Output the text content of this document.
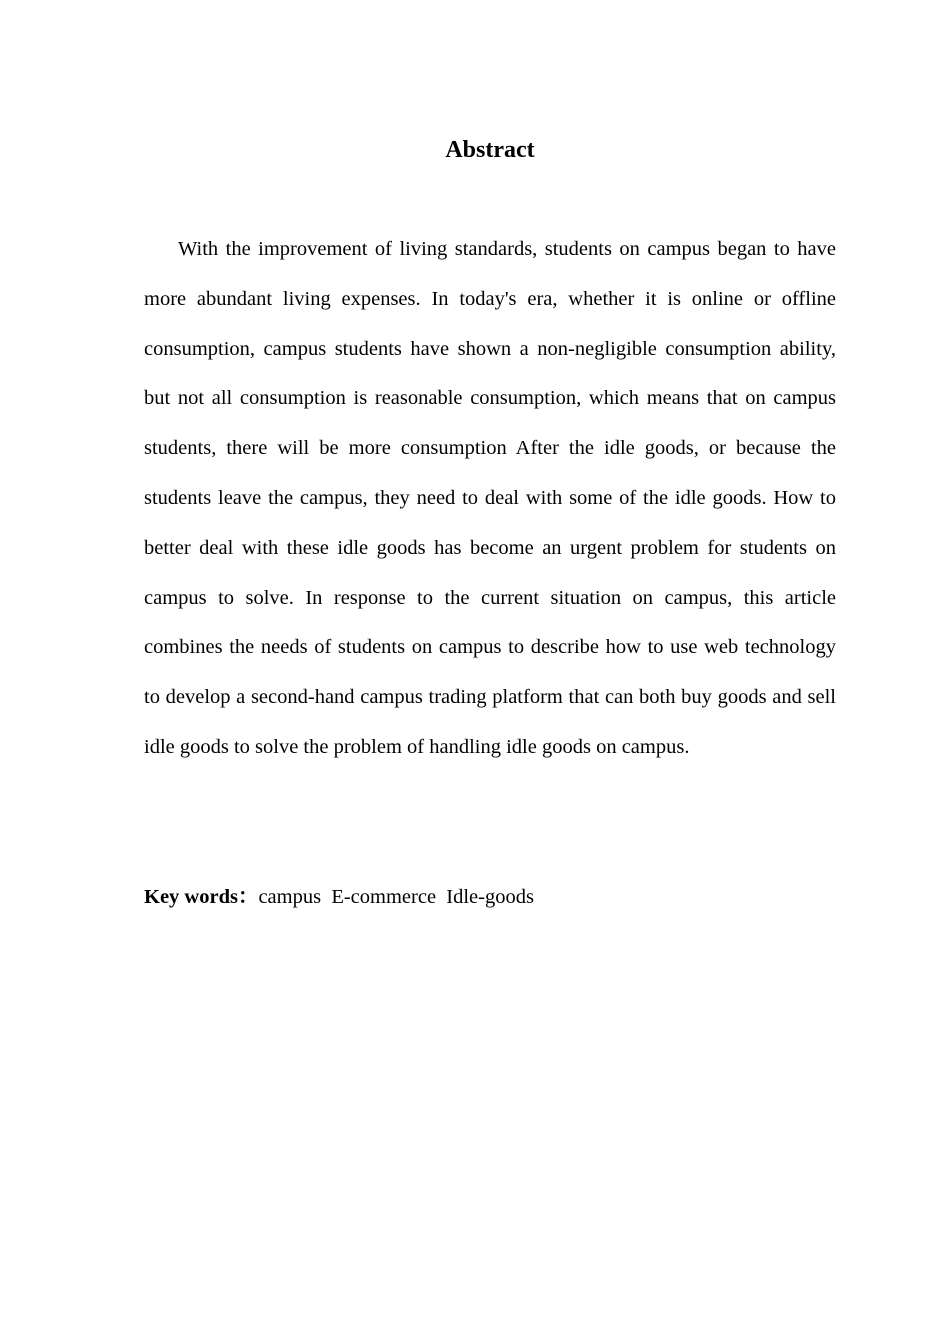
Abstract

With the improvement of living standards, students on campus began to have more abundant living expenses. In today's era, whether it is online or offline consumption, campus students have shown a non-negligible consumption ability, but not all consumption is reasonable consumption, which means that on campus students, there will be more consumption After the idle goods, or because the students leave the campus, they need to deal with some of the idle goods. How to better deal with these idle goods has become an urgent problem for students on campus to solve. In response to the current situation on campus, this article combines the needs of students on campus to describe how to use web technology to develop a second-hand campus trading platform that can both buy goods and sell idle goods to solve the problem of handling idle goods on campus.

Key words：campus  E-commerce  Idle-goods
